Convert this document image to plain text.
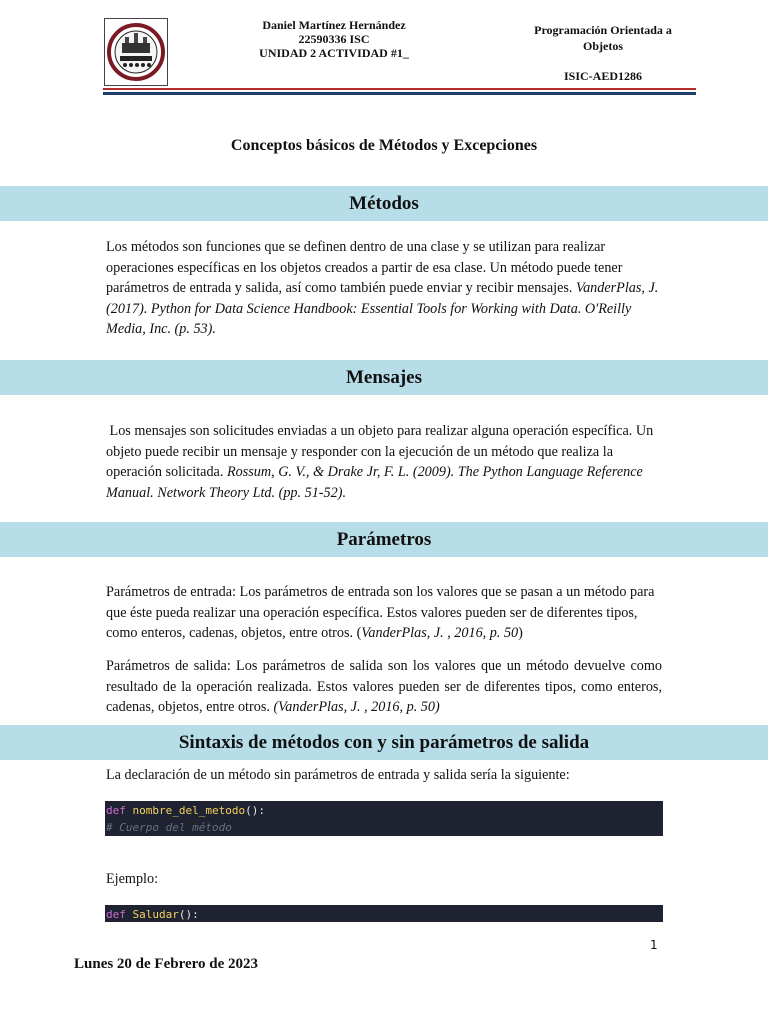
Daniel Martínez Hernández
22590336 ISC
UNIDAD 2 ACTIVIDAD #1_
Programación Orientada a Objetos
ISIC-AED1286
Conceptos básicos de Métodos y Excepciones
Métodos
Los métodos son funciones que se definen dentro de una clase y se utilizan para realizar operaciones específicas en los objetos creados a partir de esa clase. Un método puede tener parámetros de entrada y salida, así como también puede enviar y recibir mensajes. VanderPlas, J. (2017). Python for Data Science Handbook: Essential Tools for Working with Data. O'Reilly Media, Inc. (p. 53).
Mensajes
Los mensajes son solicitudes enviadas a un objeto para realizar alguna operación específica. Un objeto puede recibir un mensaje y responder con la ejecución de un método que realiza la operación solicitada. Rossum, G. V., & Drake Jr, F. L. (2009). The Python Language Reference Manual. Network Theory Ltd. (pp. 51-52).
Parámetros
Parámetros de entrada: Los parámetros de entrada son los valores que se pasan a un método para que éste pueda realizar una operación específica. Estos valores pueden ser de diferentes tipos, como enteros, cadenas, objetos, entre otros. (VanderPlas, J. , 2016, p. 50)
Parámetros de salida: Los parámetros de salida son los valores que un método devuelve como resultado de la operación realizada. Estos valores pueden ser de diferentes tipos, como enteros, cadenas, objetos, entre otros. (VanderPlas, J. , 2016, p. 50)
Sintaxis de métodos con y sin parámetros de salida
La declaración de un método sin parámetros de entrada y salida sería la siguiente:
def nombre_del_metodo():
# Cuerpo del método
Ejemplo:
def Saludar():
1
Lunes 20 de Febrero de 2023
